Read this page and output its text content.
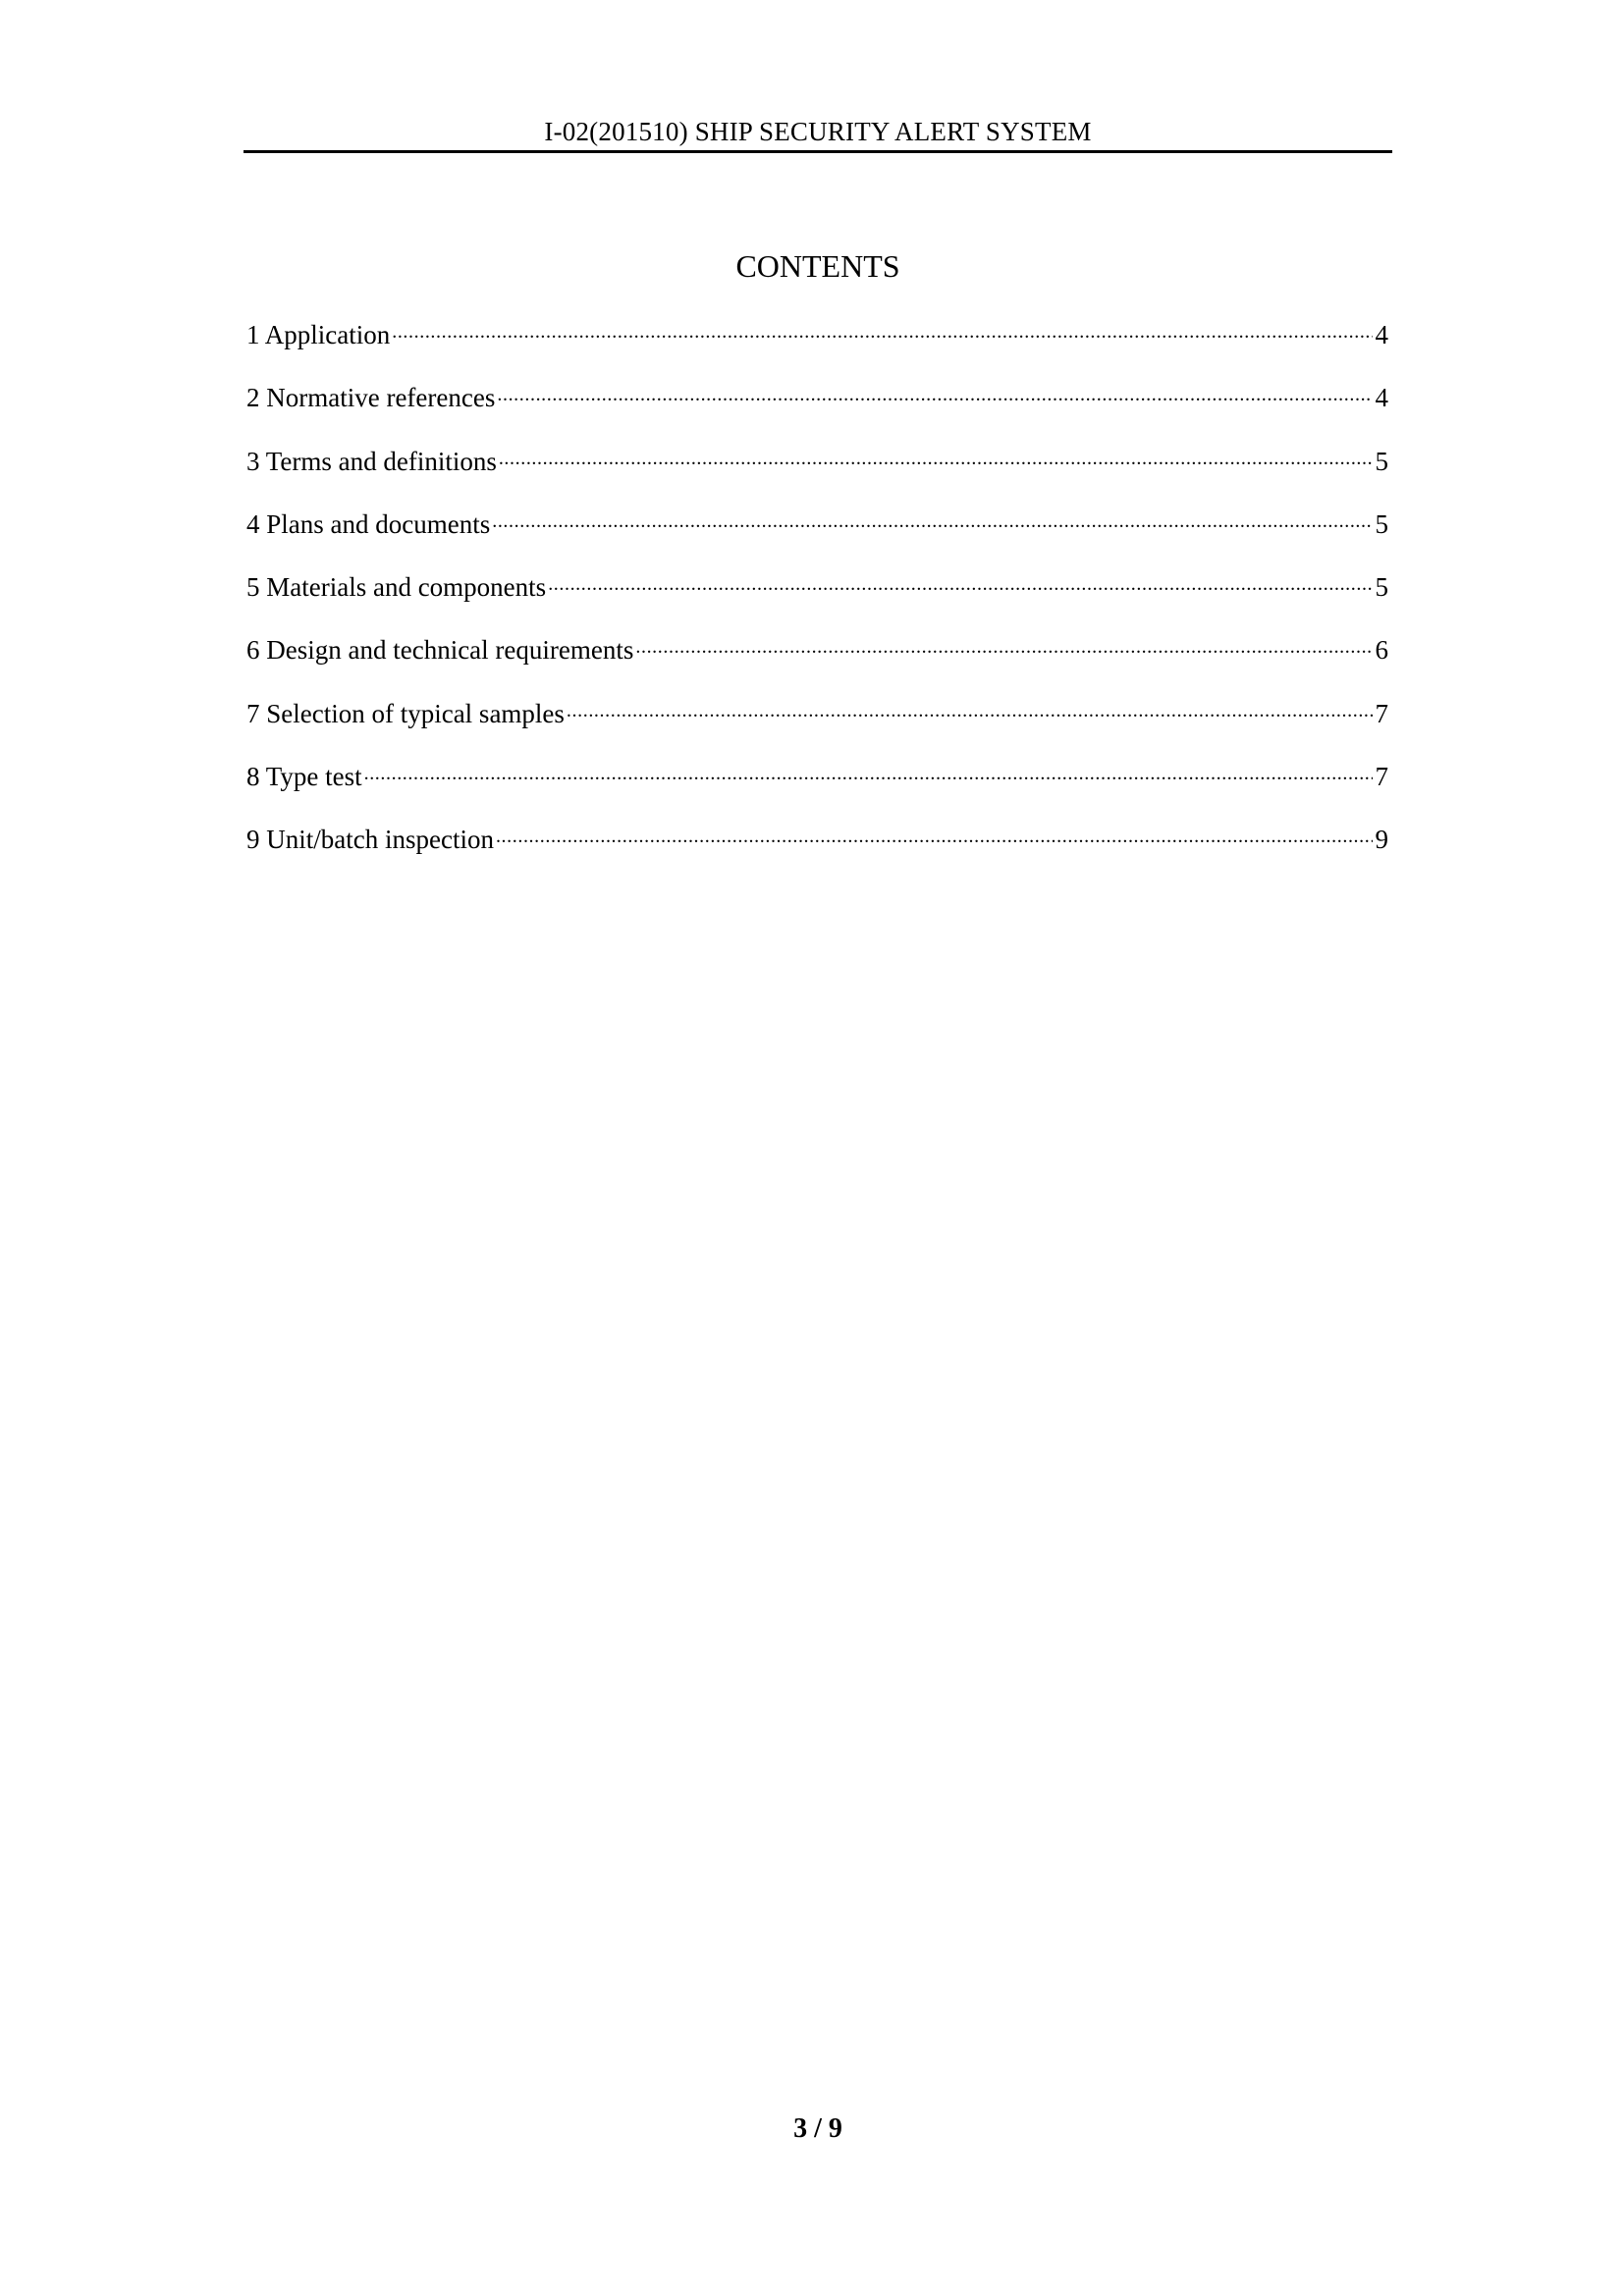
I-02(201510) SHIP SECURITY ALERT SYSTEM
CONTENTS
1 Application .....	4
2 Normative references .....	4
3 Terms and definitions .....	5
4 Plans and documents .....	5
5 Materials and components .....	5
6 Design and technical requirements .....	6
7 Selection of typical samples .....	7
8 Type test .....	7
9 Unit/batch inspection .....	9
3 / 9
